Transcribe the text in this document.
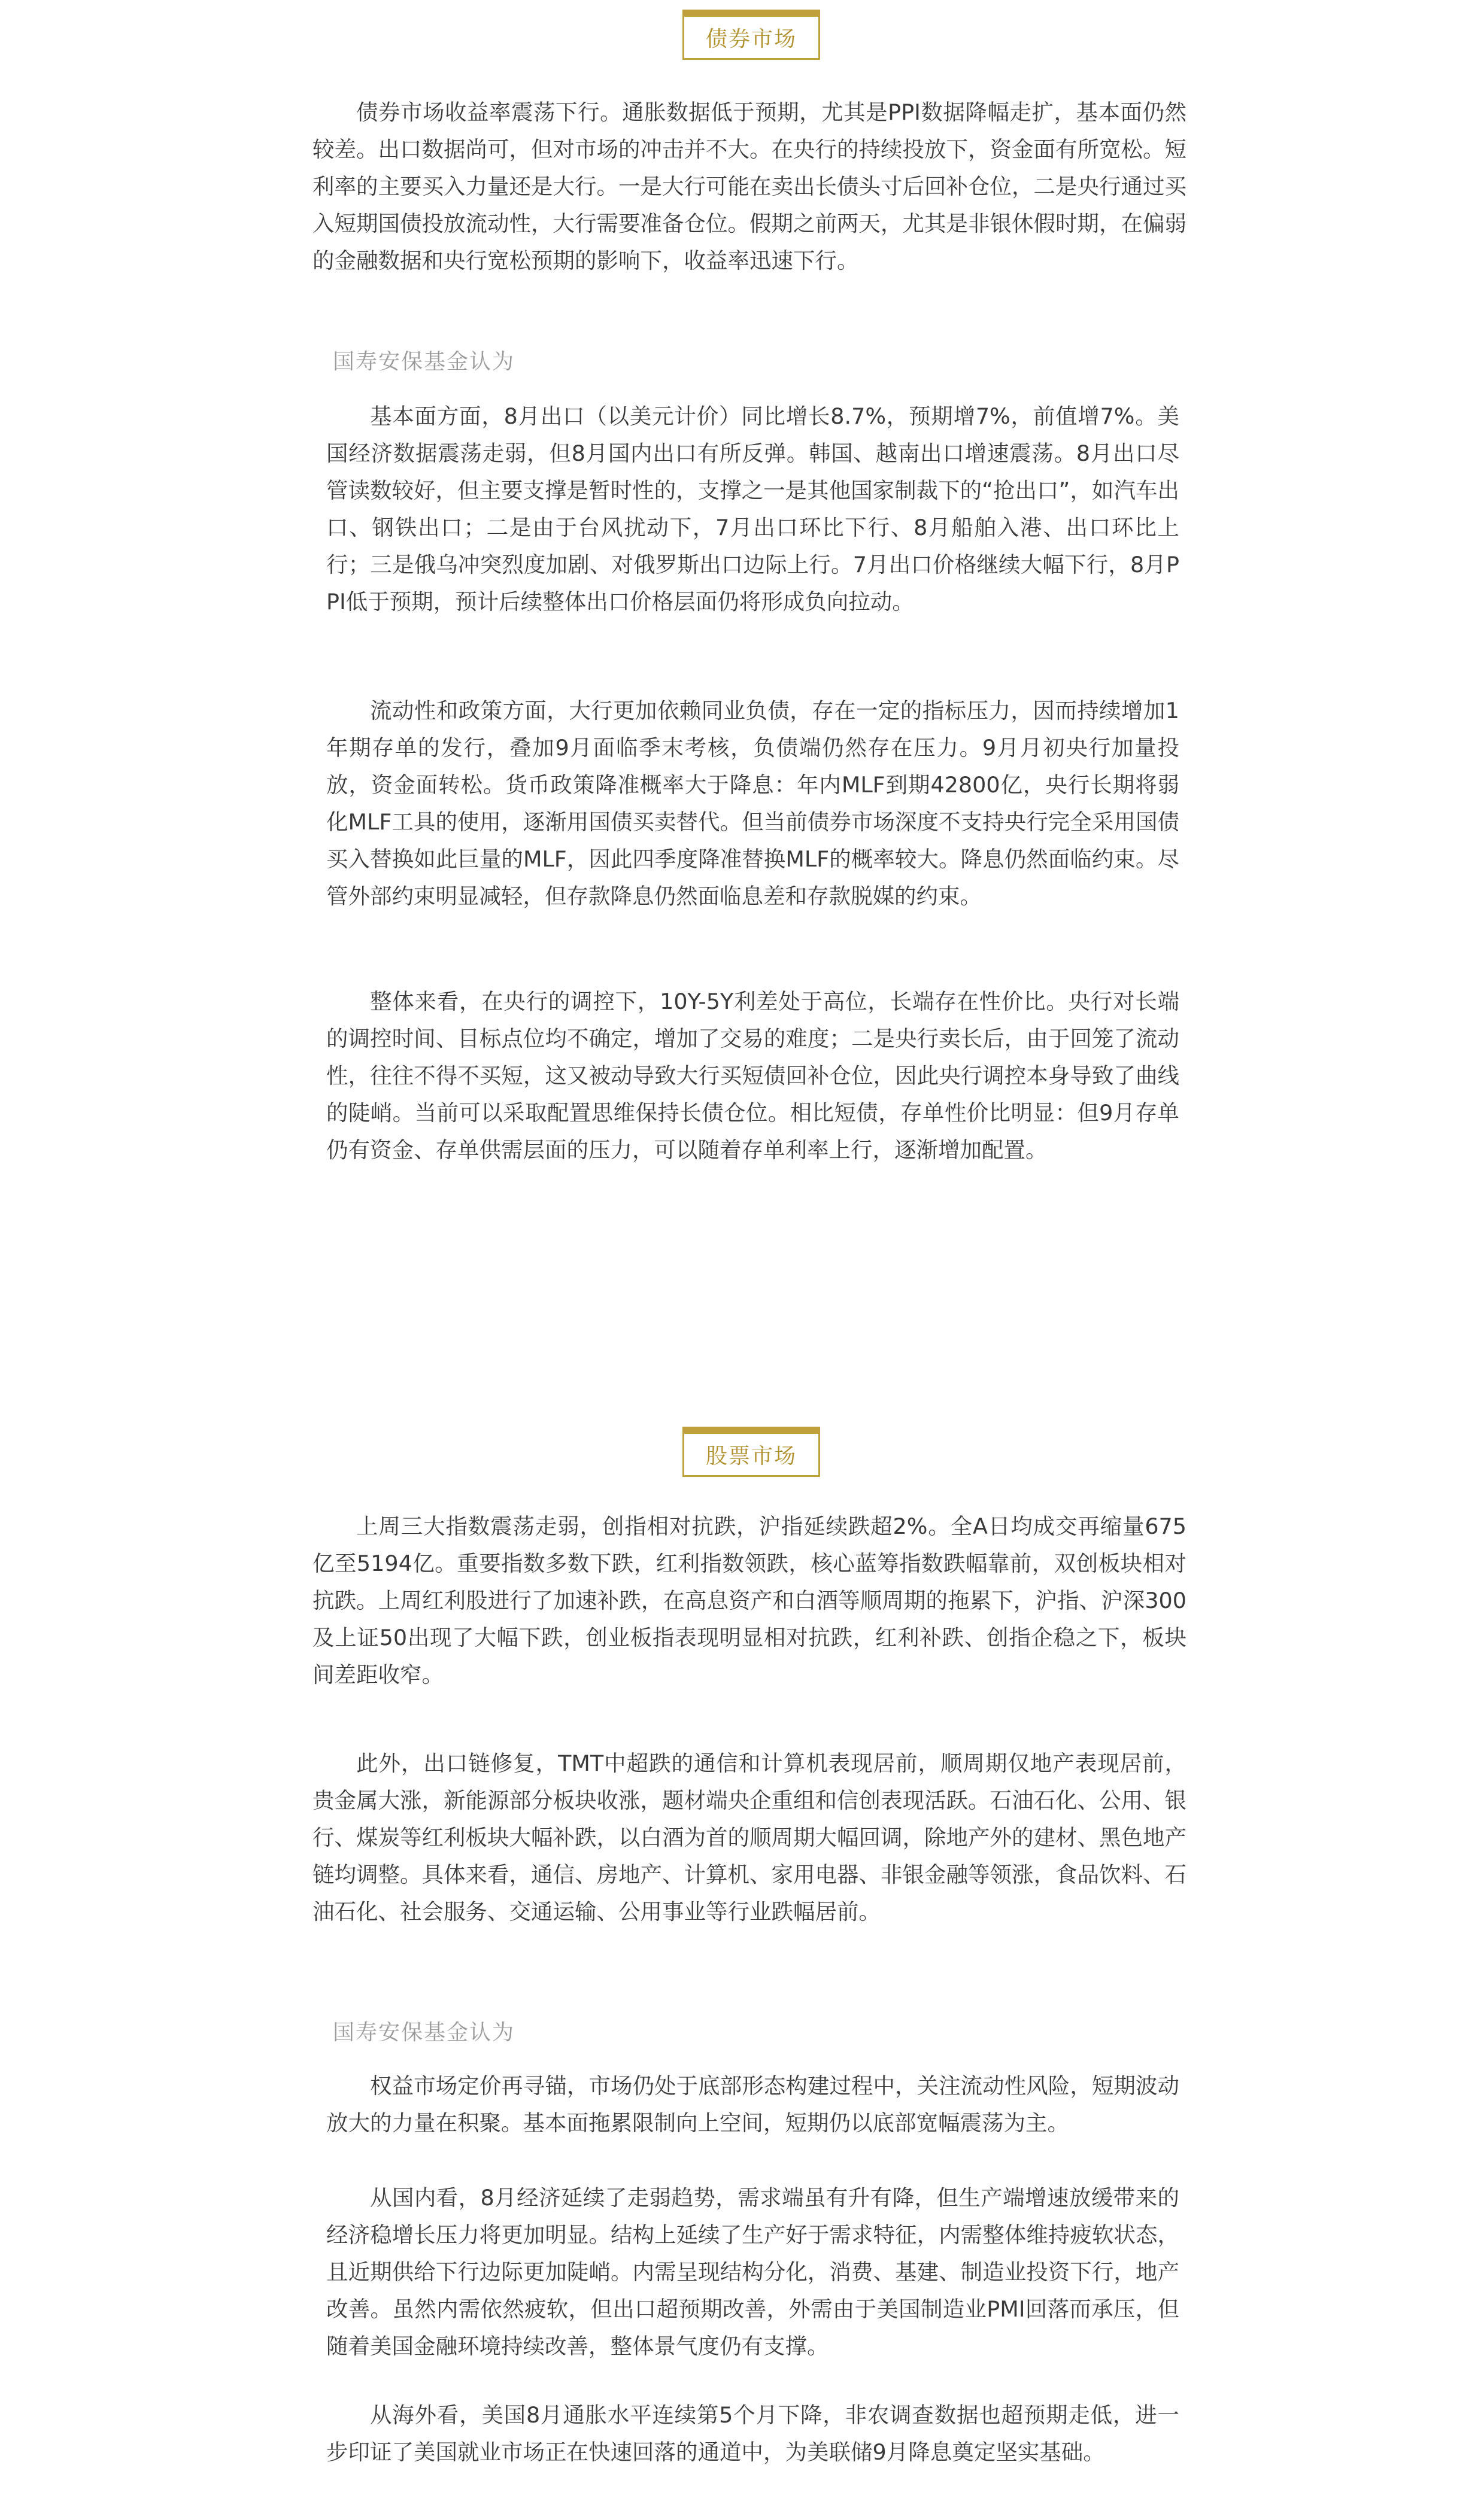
债券市场

债券市场收益率震荡下行。通胀数据低于预期，尤其是PPI数据降幅走扩，基本面仍然较差。出口数据尚可，但对市场的冲击并不大。在央行的持续投放下，资金面有所宽松。短利率的主要买入力量还是大行。一是大行可能在卖出长债头寸后回补仓位，二是央行通过买入短期国债投放流动性，大行需要准备仓位。假期之前两天，尤其是非银休假时期，在偏弱的金融数据和央行宽松预期的影响下，收益率迅速下行。

国寿安保基金认为

基本面方面，8月出口（以美元计价）同比增长8.7%，预期增7%，前值增7%。美国经济数据震荡走弱，但8月国内出口有所反弹。韩国、越南出口增速震荡。8月出口尽管读数较好，但主要支撑是暂时性的，支撑之一是其他国家制裁下的“抢出口”，如汽车出口、钢铁出口；二是由于台风扰动下，7月出口环比下行、8月船舶入港、出口环比上行；三是俄乌冲突烈度加剧、对俄罗斯出口边际上行。7月出口价格继续大幅下行，8月PPI低于预期，预计后续整体出口价格层面仍将形成负向拉动。

流动性和政策方面，大行更加依赖同业负债，存在一定的指标压力，因而持续增加1年期存单的发行，叠加9月面临季末考核，负债端仍然存在压力。9月月初央行加量投放，资金面转松。货币政策降准概率大于降息：年内MLF到期42800亿，央行长期将弱化MLF工具的使用，逐渐用国债买卖替代。但当前债券市场深度不支持央行完全采用国债买入替换如此巨量的MLF，因此四季度降准替换MLF的概率较大。降息仍然面临约束。尽管外部约束明显减轻，但存款降息仍然面临息差和存款脱媒的约束。

整体来看，在央行的调控下，10Y-5Y利差处于高位，长端存在性价比。央行对长端的调控时间、目标点位均不确定，增加了交易的难度；二是央行卖长后，由于回笼了流动性，往往不得不买短，这又被动导致大行买短债回补仓位，因此央行调控本身导致了曲线的陡峭。当前可以采取配置思维保持长债仓位。相比短债，存单性价比明显：但9月存单仍有资金、存单供需层面的压力，可以随着存单利率上行，逐渐增加配置。

股票市场

上周三大指数震荡走弱，创指相对抗跌，沪指延续跌超2%。全A日均成交再缩量675亿至5194亿。重要指数多数下跌，红利指数领跌，核心蓝筹指数跌幅靠前，双创板块相对抗跌。上周红利股进行了加速补跌，在高息资产和白酒等顺周期的拖累下，沪指、沪深300及上证50出现了大幅下跌，创业板指表现明显相对抗跌，红利补跌、创指企稳之下，板块间差距收窄。

此外，出口链修复，TMT中超跌的通信和计算机表现居前，顺周期仅地产表现居前，贵金属大涨，新能源部分板块收涨，题材端央企重组和信创表现活跃。石油石化、公用、银行、煤炭等红利板块大幅补跌，以白酒为首的顺周期大幅回调，除地产外的建材、黑色地产链均调整。具体来看，通信、房地产、计算机、家用电器、非银金融等领涨，食品饮料、石油石化、社会服务、交通运输、公用事业等行业跌幅居前。

国寿安保基金认为

权益市场定价再寻锚，市场仍处于底部形态构建过程中，关注流动性风险，短期波动放大的力量在积聚。基本面拖累限制向上空间，短期仍以底部宽幅震荡为主。

从国内看，8月经济延续了走弱趋势，需求端虽有升有降，但生产端增速放缓带来的经济稳增长压力将更加明显。结构上延续了生产好于需求特征，内需整体维持疲软状态，且近期供给下行边际更加陡峭。内需呈现结构分化，消费、基建、制造业投资下行，地产改善。虽然内需依然疲软，但出口超预期改善，外需由于美国制造业PMI回落而承压，但随着美国金融环境持续改善，整体景气度仍有支撑。

从海外看，美国8月通胀水平连续第5个月下降，非农调查数据也超预期走低，进一步印证了美国就业市场正在快速回落的通道中，为美联储9月降息奠定坚实基础。
